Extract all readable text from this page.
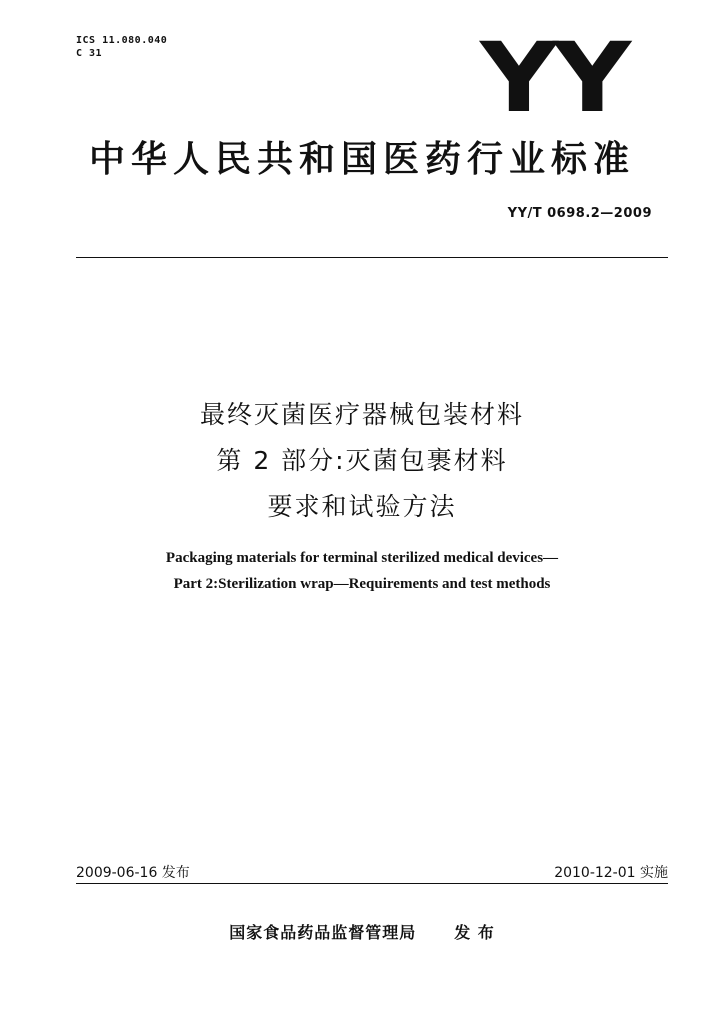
ICS 11.080.040
C 31	YY
中华人民共和国医药行业标准
YY/T 0698.2—2009
最终灭菌医疗器械包装材料
第 2 部分:灭菌包裹材料
要求和试验方法
Packaging materials for terminal sterilized medical devices—
Part 2:Sterilization wrap—Requirements and test methods
2009-06-16 发布	2010-12-01 实施
国家食品药品监督管理局 发 布
